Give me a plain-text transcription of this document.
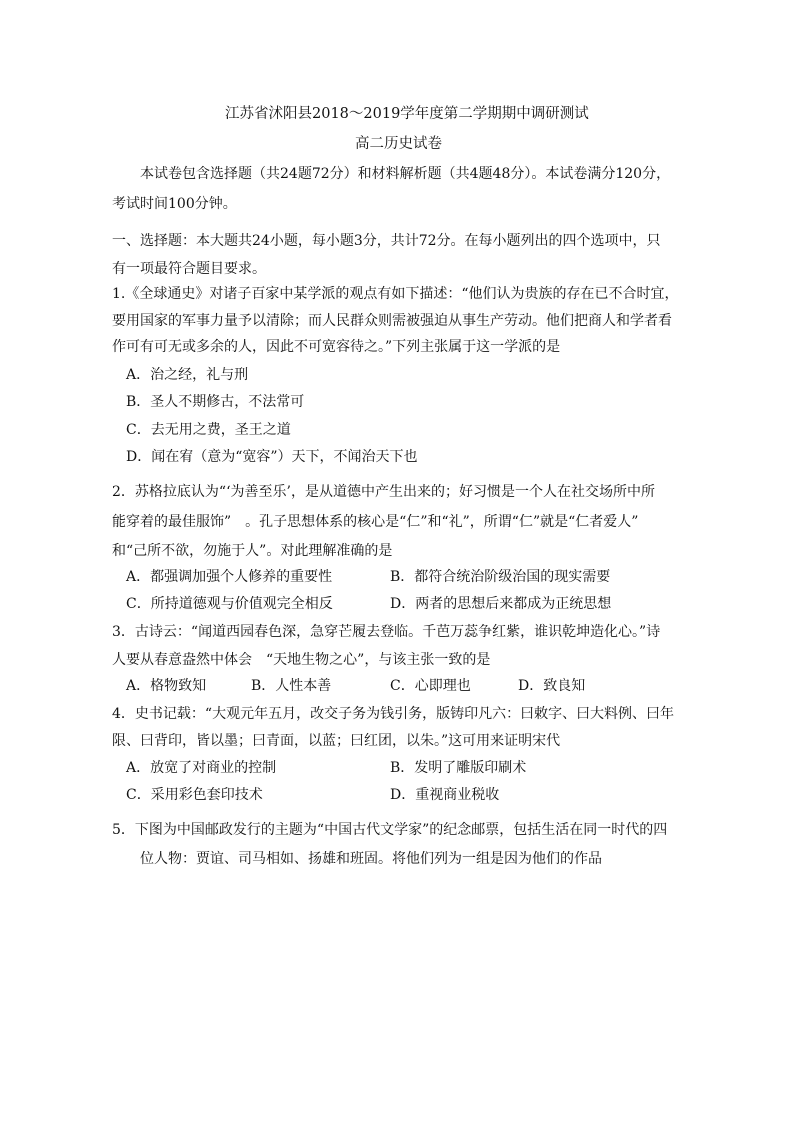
江苏省沭阳县2018～2019学年度第二学期期中调研测试
高二历史试卷
本试卷包含选择题（共24题72分）和材料解析题（共4题48分）。本试卷满分120分，
考试时间100分钟。
一、选择题：本大题共24小题，每小题3分，共计72分。在每小题列出的四个选项中，只
有一项最符合题目要求。
1.《全球通史》对诸子百家中某学派的观点有如下描述：“他们认为贵族的存在已不合时宜，
要用国家的军事力量予以清除；而人民群众则需被强迫从事生产劳动。他们把商人和学者看
作可有可无或多余的人，因此不可宽容待之。”下列主张属于这一学派的是
A．治之经，礼与刑
B．圣人不期修古，不法常可
C．去无用之费，圣王之道
D．闻在宥（意为“宽容”）天下，不闻治天下也
2．苏格拉底认为“‘为善至乐’，是从道德中产生出来的；好习惯是一个人在社交场所中所
能穿着的最佳服饰”　。孔子思想体系的核心是“仁”和“礼”，所谓“仁”就是“仁者爱人”
和“己所不欲，勿施于人”。对此理解准确的是
A．都强调加强个人修养的重要性	B．都符合统治阶级治国的现实需要
C．所持道德观与价值观完全相反	D．两者的思想后来都成为正统思想
3．古诗云：“闻道西园春色深，急穿芒履去登临。千芭万蕊争红紫，谁识乾坤造化心。”诗
人要从春意盎然中体会　“天地生物之心”，与该主张一致的是
A．格物致知	B．人性本善	C．心即理也	D．致良知
4．史书记载：“大观元年五月，改交子务为钱引务，版铸印凡六：曰敕字、曰大料例、曰年
限、曰背印，皆以墨；曰青面，以蓝；曰红团，以朱。”这可用来证明宋代
A．放宽了对商业的控制	B．发明了雕版印刷术
C．采用彩色套印技术	D．重视商业税收
5．下图为中国邮政发行的主题为“中国古代文学家”的纪念邮票，包括生活在同一时代的四
位人物：贾谊、司马相如、扬雄和班固。将他们列为一组是因为他们的作品
